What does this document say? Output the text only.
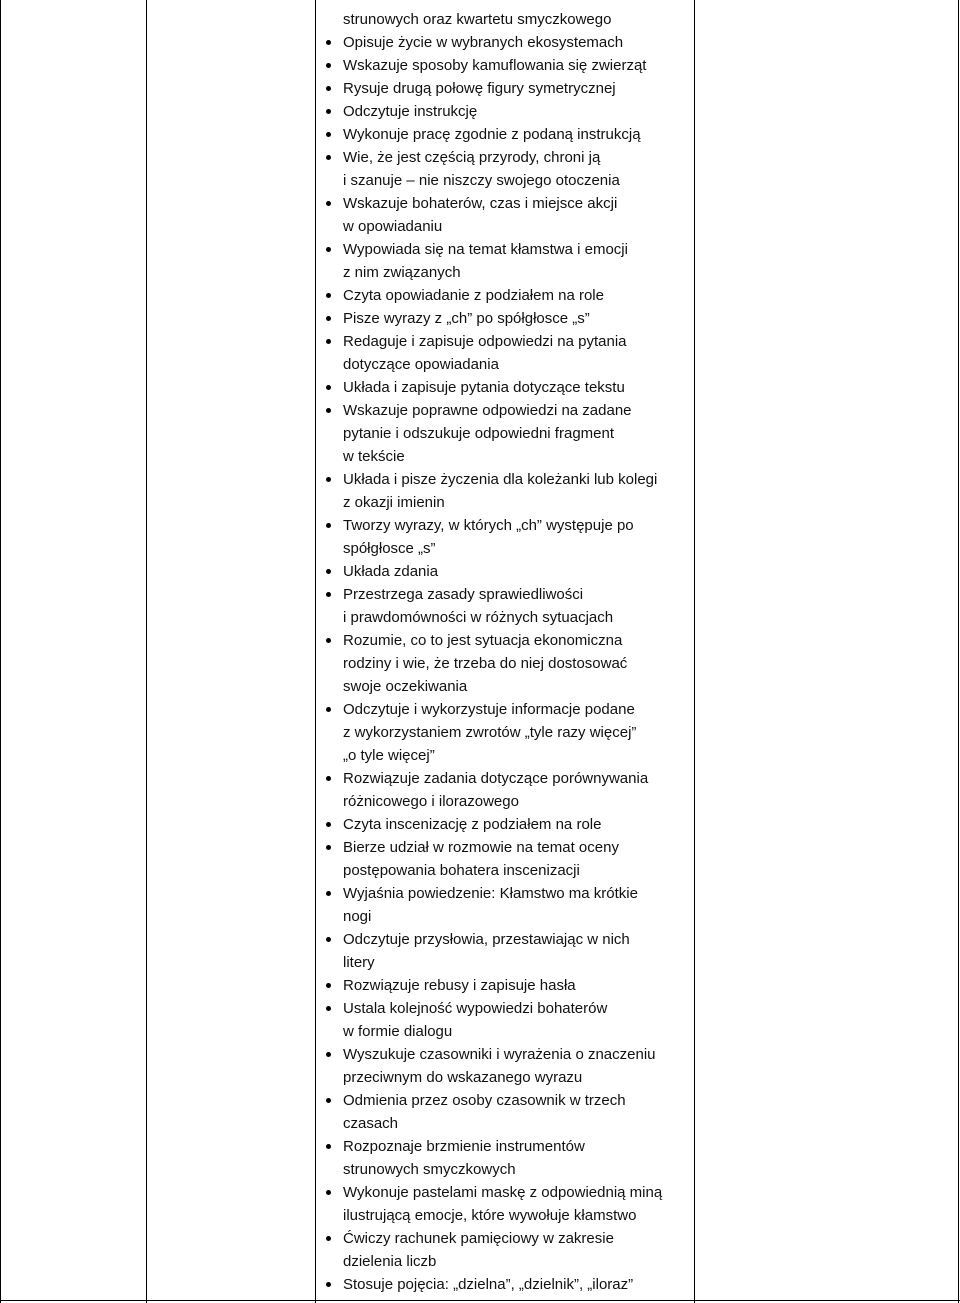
strunowych oraz kwartetu smyczkowego
Opisuje życie w wybranych ekosystemach
Wskazuje sposoby kamuflowania się zwierząt
Rysuje drugą połowę figury symetrycznej
Odczytuje instrukcję
Wykonuje pracę zgodnie z podaną instrukcją
Wie, że jest częścią przyrody, chroni ją
i szanuje – nie niszczy swojego otoczenia
Wskazuje bohaterów, czas i miejsce akcji
w opowiadaniu
Wypowiada się na temat kłamstwa i emocji
z nim związanych
Czyta opowiadanie z podziałem na role
Pisze wyrazy z „ch” po spółgłosce „s”
Redaguje i zapisuje odpowiedzi na pytania
dotyczące opowiadania
Układa i zapisuje pytania dotyczące tekstu
Wskazuje poprawne odpowiedzi na zadane
pytanie i odszukuje odpowiedni fragment
w tekście
Układa i pisze życzenia dla koleżanki lub kolegi
z okazji imienin
Tworzy wyrazy, w których „ch” występuje po
spółgłosce „s”
Układa zdania
Przestrzega zasady sprawiedliwości
i prawdomówności w różnych sytuacjach
Rozumie, co to jest sytuacja ekonomiczna
rodziny i wie, że trzeba do niej dostosować
swoje oczekiwania
Odczytuje i wykorzystuje informacje podane
z wykorzystaniem zwrotów „tyle razy więcej”
„o tyle więcej”
Rozwiązuje zadania dotyczące porównywania
różnicowego i ilorazowego
Czyta inscenizację z podziałem na role
Bierze udział w rozmowie na temat oceny
postępowania bohatera inscenizacji
Wyjaśnia powiedzenie: Kłamstwo ma krótkie
nogi
Odczytuje przysłowia, przestawiając w nich
litery
Rozwiązuje rebusy i zapisuje hasła
Ustala kolejność wypowiedzi bohaterów
w formie dialogu
Wyszukuje czasowniki i wyrażenia o znaczeniu
przeciwnym do wskazanego wyrazu
Odmienia przez osoby czasownik w trzech
czasach
Rozpoznaje brzmienie instrumentów
strunowych smyczkowych
Wykonuje pastelami maskę z odpowiednią miną
ilustrującą emocje, które wywołuje kłamstwo
Ćwiczy rachunek pamięciowy w zakresie
dzielenia liczb
Stosuje pojęcia: „dzielna”, „dzielnik”, „iloraz”
